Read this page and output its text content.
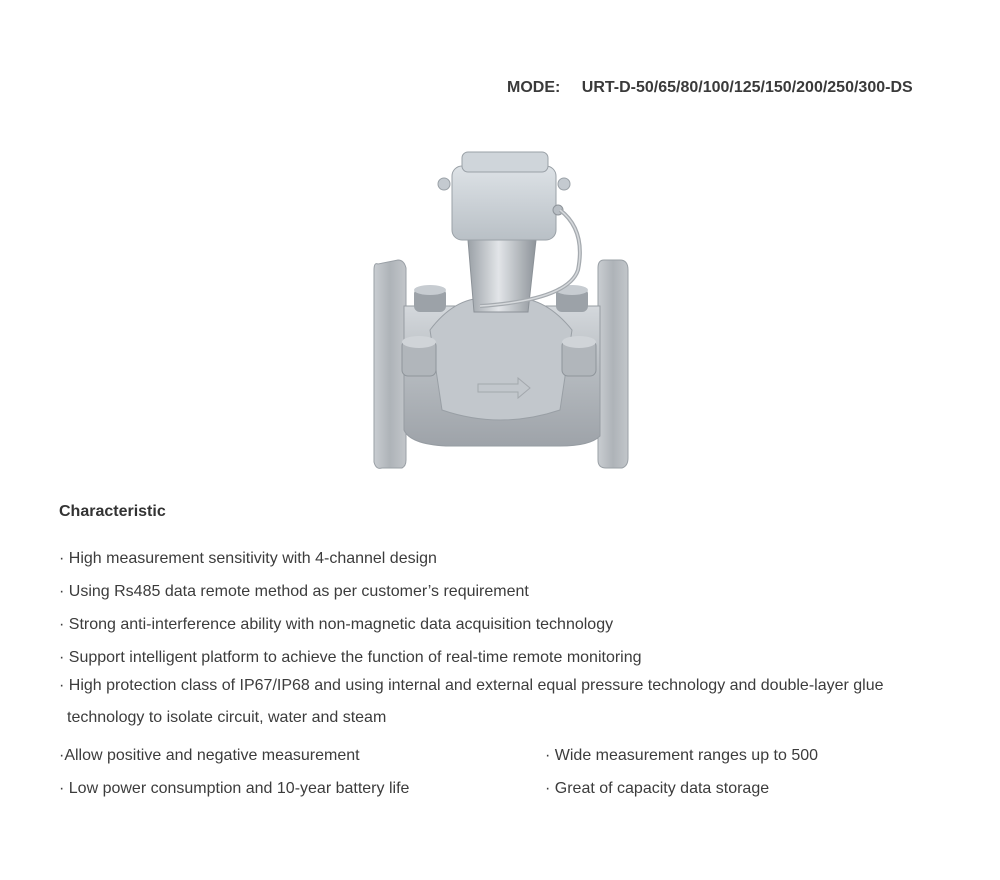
MODE: URT-D-50/65/80/100/125/150/200/250/300-DS
Characteristic
· High measurement sensitivity with 4-channel design
· Using Rs485 data remote method as per customer’s requirement
· Strong anti-interference ability with non-magnetic data acquisition technology
· Support intelligent platform to achieve the function of real-time remote monitoring
· High protection class of IP67/IP68 and using internal and external equal pressure technology and double-layer glue
technology to isolate circuit, water and steam
·Allow positive and negative measurement
· Low power consumption and 10-year battery life
· Wide measurement ranges up to 500
· Great of capacity data storage
